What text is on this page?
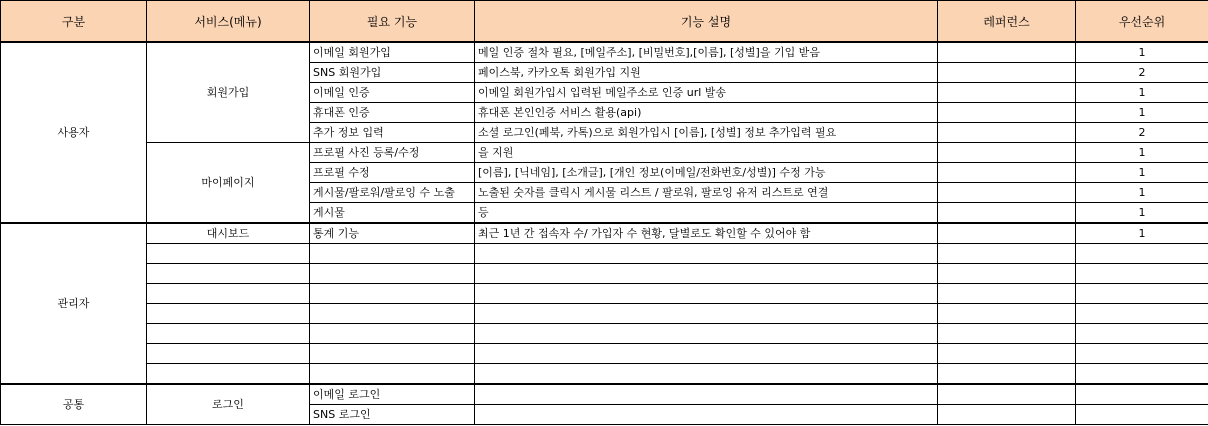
구분	서비스(메뉴)	필요 기능	기능 설명	레퍼런스	우선순위
사용자	회원가입	이메일 회원가입	메일 인증 절차 필요, [메일주소], [비밀번호],[이름], [성별]을 기입 받음		1
		SNS 회원가입	페이스북, 카카오톡 회원가입 지원		2
		이메일 인증	이메일 회원가입시 입력된 메일주소로 인증 url 발송		1
		휴대폰 인증	휴대폰 본인인증 서비스 활용(api)		1
		추가 정보 입력	소셜 로그인(페북, 카톡)으로 회원가입시 [이름], [성별] 정보 추가입력 필요		2
	마이페이지	프로필 사진 등록/수정	을 지원		1
		프로필 수정	[이름], [닉네임], [소개글], [개인 정보(이메일/전화번호/성별)] 수정 가능		1
		게시물/팔로워/팔로잉 수 노출	노출된 숫자를 클릭시 게시물 리스트 / 팔로워, 팔로잉 유저 리스트로 연결		1
		게시물	등		1
관리자	대시보드	통계 기능	최근 1년 간 접속자 수/ 가입자 수 현황, 달별로도 확인할 수 있어야 함		1

공통	로그인	이메일 로그인			
		SNS 로그인			
